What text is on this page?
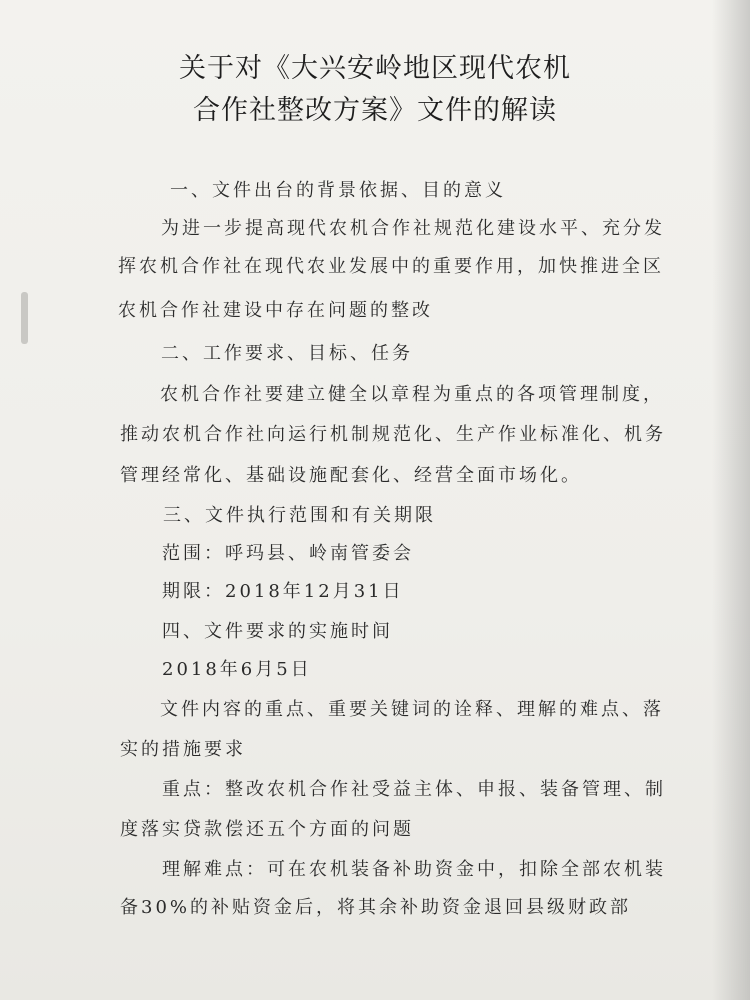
关于对《大兴安岭地区现代农机
合作社整改方案》文件的解读
一、文件出台的背景依据、目的意义
为进一步提高现代农机合作社规范化建设水平、充分发
挥农机合作社在现代农业发展中的重要作用，加快推进全区
农机合作社建设中存在问题的整改
二、工作要求、目标、任务
农机合作社要建立健全以章程为重点的各项管理制度，
推动农机合作社向运行机制规范化、生产作业标准化、机务
管理经常化、基础设施配套化、经营全面市场化。
三、文件执行范围和有关期限
范围：呼玛县、岭南管委会
期限：2018年12月31日
四、文件要求的实施时间
2018年6月5日
文件内容的重点、重要关键词的诠释、理解的难点、落
实的措施要求
重点：整改农机合作社受益主体、申报、装备管理、制
度落实贷款偿还五个方面的问题
理解难点：可在农机装备补助资金中，扣除全部农机装
备30%的补贴资金后，将其余补助资金退回县级财政部
